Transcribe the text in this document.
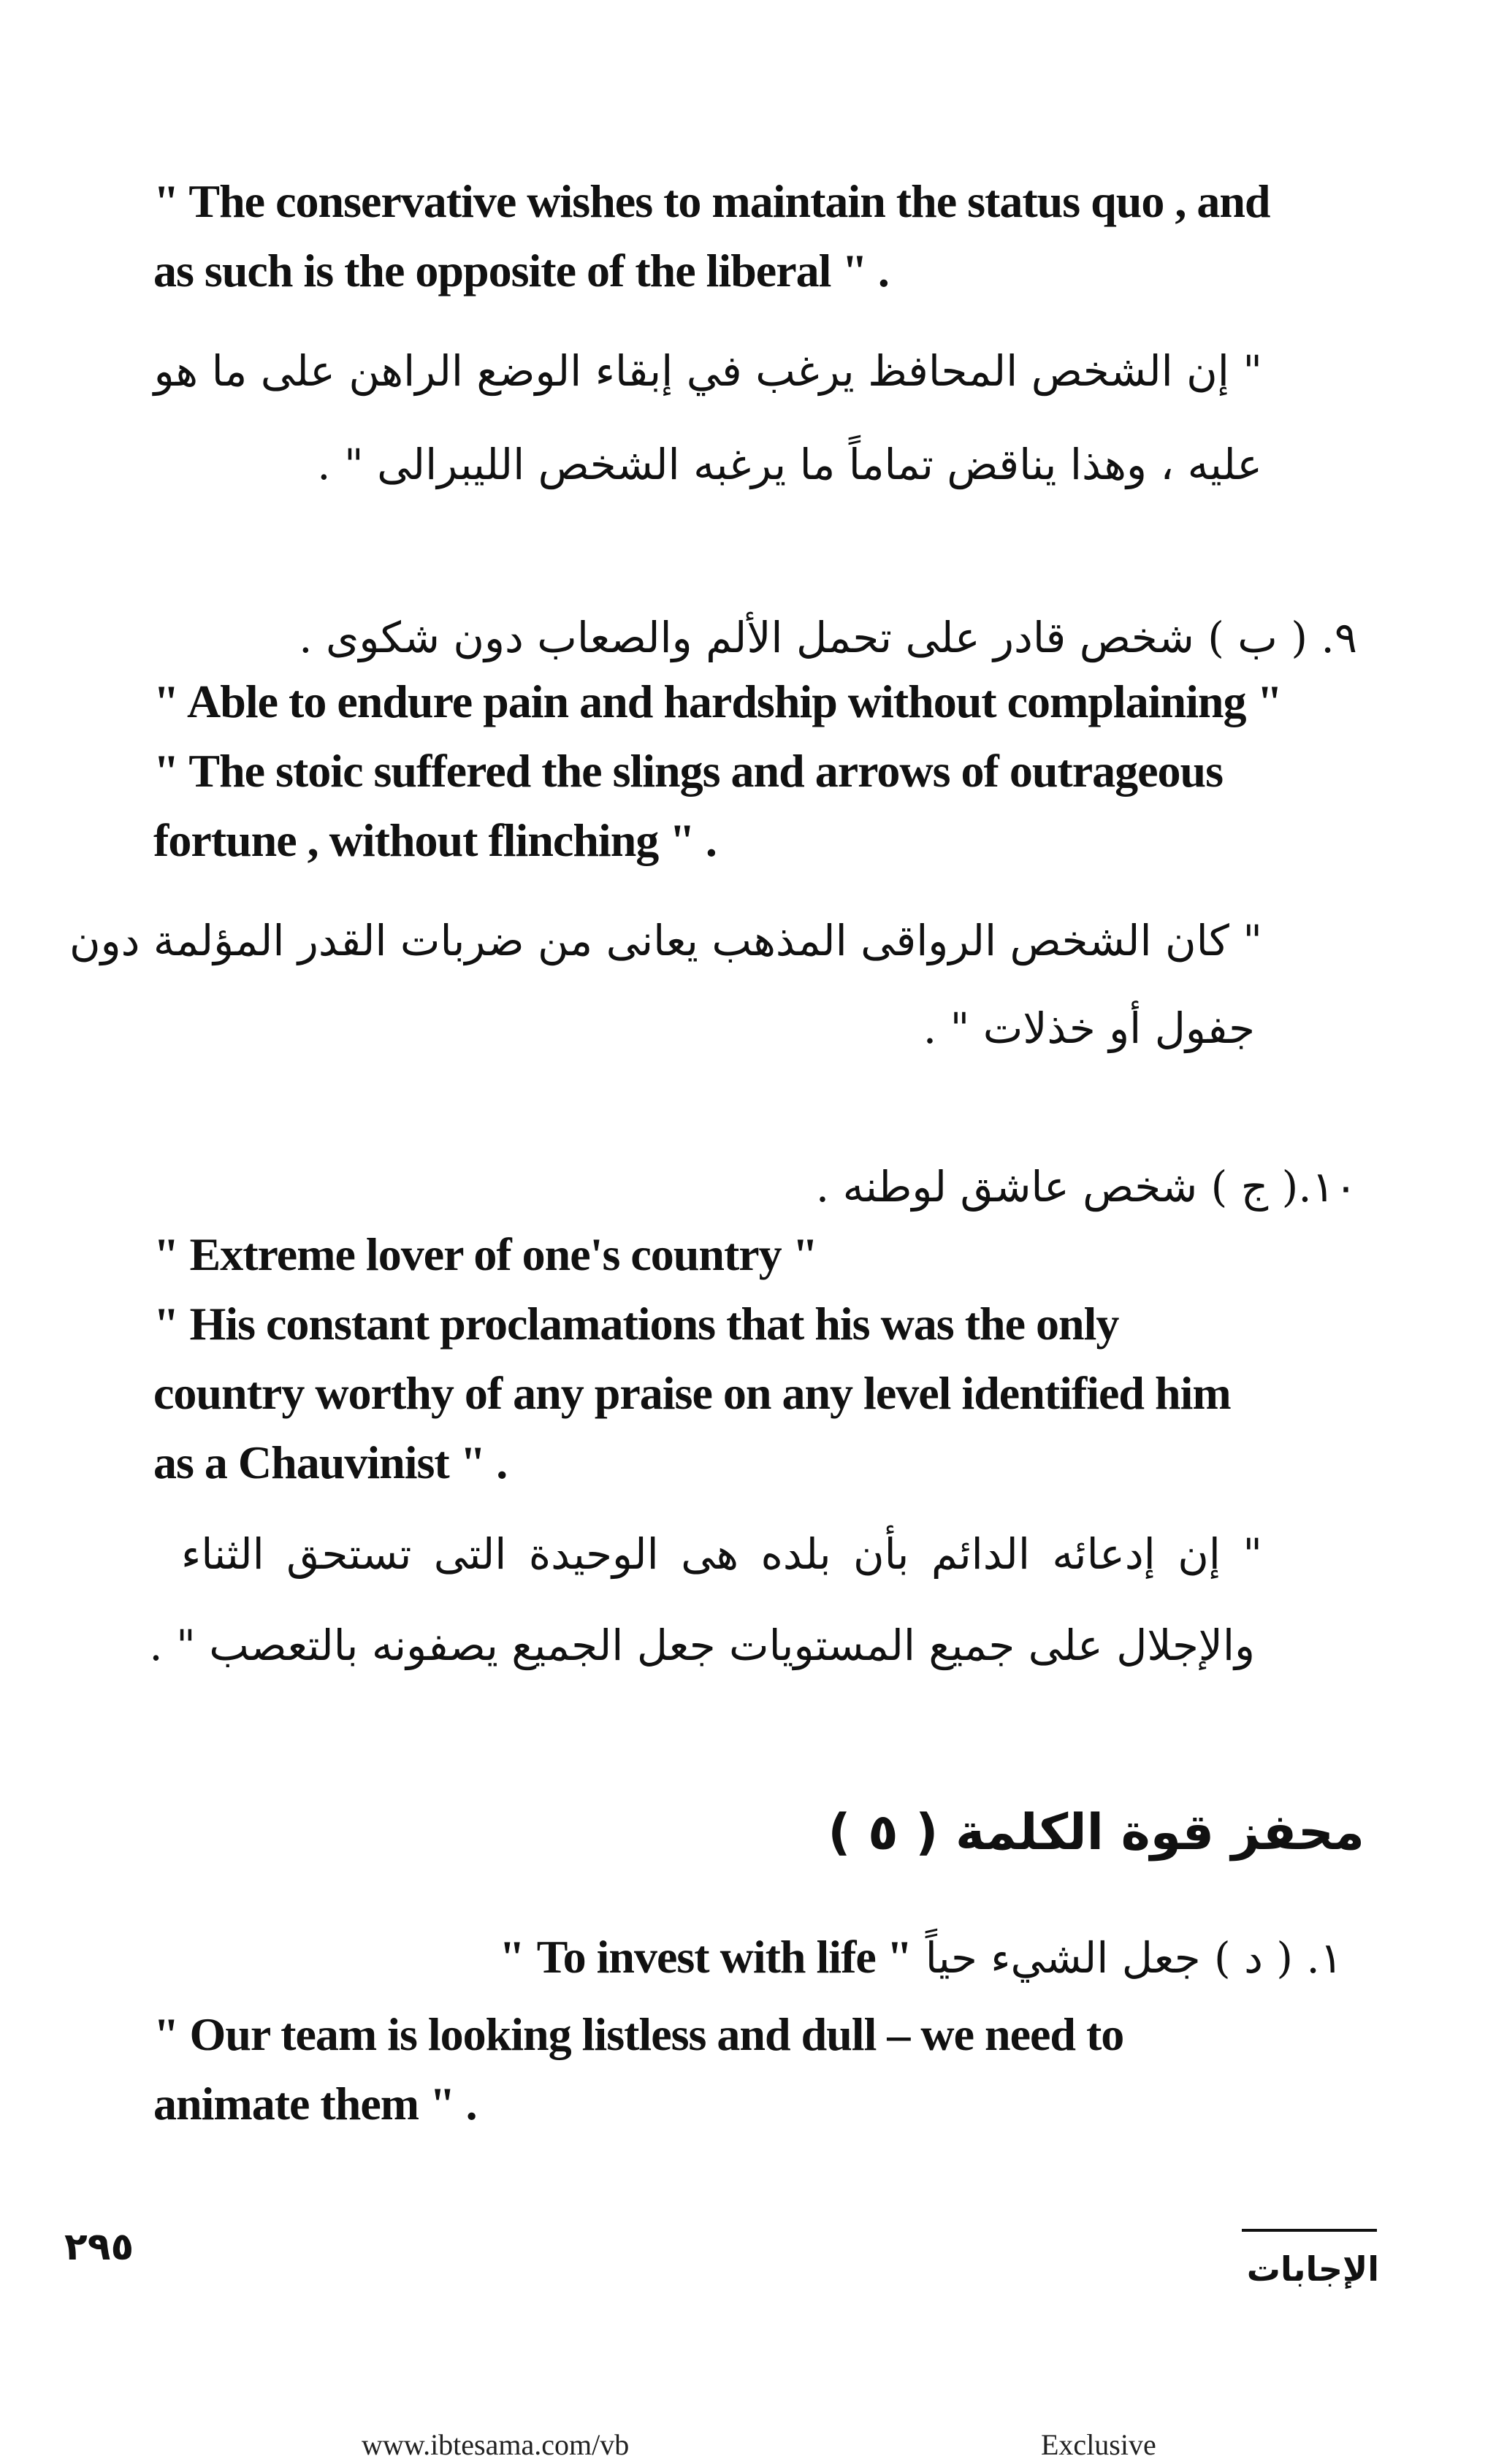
" The conservative wishes to maintain the status quo , and
as such is the opposite of the liberal " .
" إن الشخص المحافظ يرغب في إبقاء الوضع الراهن على ما هو
عليه ، وهذا يناقض تماماً ما يرغبه الشخص الليبرالى " .
٩. ( ب ) شخص قادر على تحمل الألم والصعاب دون شكوى .
" Able to endure pain and hardship without complaining "
" The stoic suffered the slings and arrows of outrageous
fortune , without flinching " .
" كان الشخص الرواقى المذهب يعانى من ضربات القدر المؤلمة دون
جفول أو خذلات " .
١٠.( ج ) شخص عاشق لوطنه .
" Extreme lover of one's country "
" His constant proclamations that his was the only
country worthy of any praise on any level identified him
as a Chauvinist " .
" إن إدعائه الدائم بأن بلده هى الوحيدة التى تستحق الثناء
والإجلال على جميع المستويات جعل الجميع يصفونه بالتعصب " .
محفز قوة الكلمة ( ٥ )
١. ( د ) جعل الشيء حياً " To invest with life "
" Our team is looking listless and dull – we need to
animate them " .
٢٩٥	الإجابات
www.ibtesama.com/vb	Exclusive
